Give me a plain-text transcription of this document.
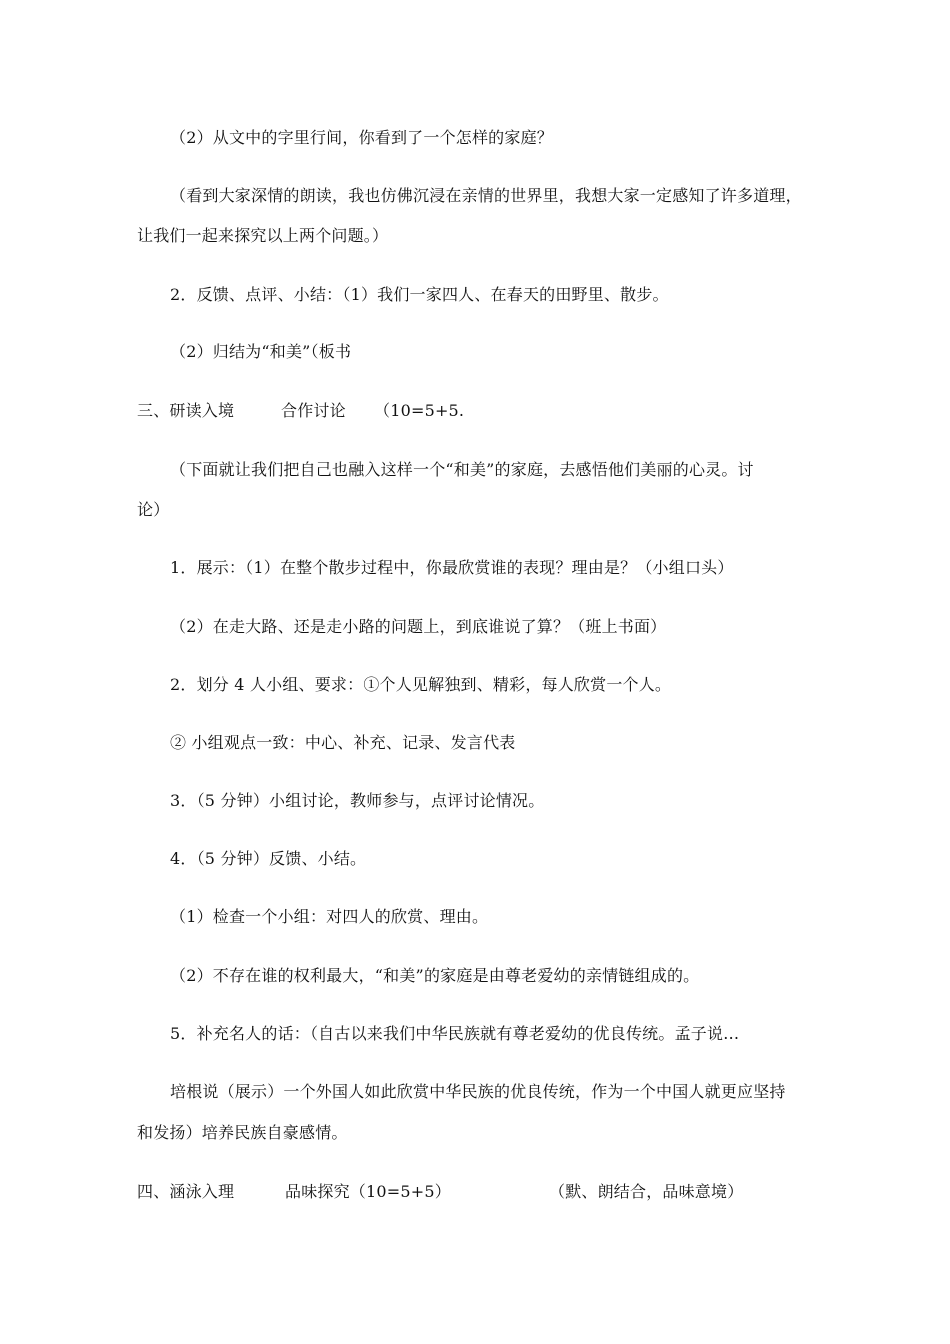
（2）从文中的字里行间，你看到了一个怎样的家庭？
（看到大家深情的朗读，我也仿佛沉浸在亲情的世界里，我想大家一定感知了许多道理，
让我们一起来探究以上两个问题。）
2．反馈、点评、小结：（1）我们一家四人、在春天的田野里、散步。
（2）归结为“和美”（板书
三、研读入境	合作讨论 （10=5+5.
（下面就让我们把自己也融入这样一个“和美”的家庭，去感悟他们美丽的心灵。讨
论）
1．展示：（1）在整个散步过程中，你最欣赏谁的表现？理由是？（小组口头）
（2）在走大路、还是走小路的问题上，到底谁说了算？（班上书面）
2．划分 4 人小组、要求：①个人见解独到、精彩，每人欣赏一个人。
② 小组观点一致：中心、补充、记录、发言代表
3．（5 分钟）小组讨论，教师参与，点评讨论情况。
4．（5 分钟）反馈、小结。
（1）检查一个小组：对四人的欣赏、理由。
（2）不存在谁的权利最大，“和美”的家庭是由尊老爱幼的亲情链组成的。
5．补充名人的话：（自古以来我们中华民族就有尊老爱幼的优良传统。孟子说…
培根说（展示）一个外国人如此欣赏中华民族的优良传统，作为一个中国人就更应坚持
和发扬）培养民族自豪感情。
四、涵泳入理	品味探究（10=5+5）	（默、朗结合，品味意境）
